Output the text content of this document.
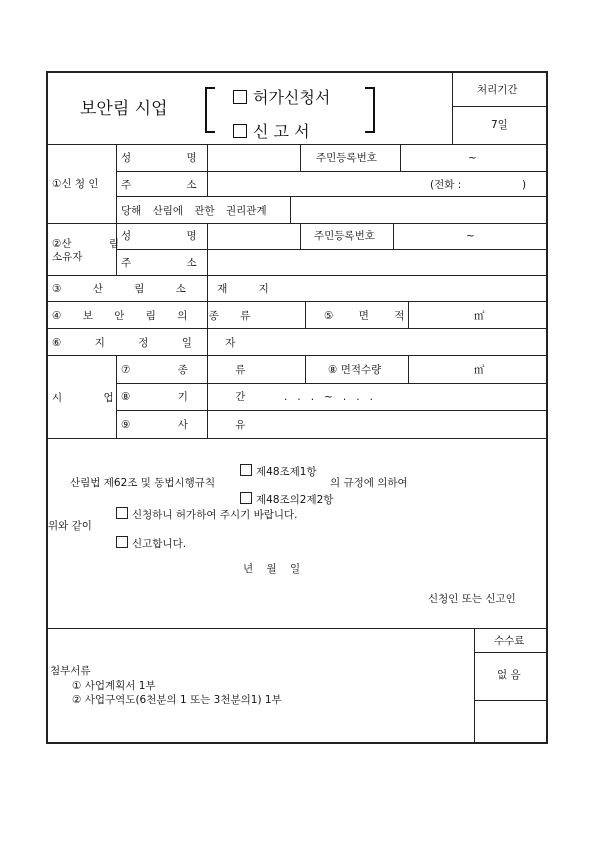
보안림 시업
허가신청서
신 고 서
처리기간
7일
①신 청 인
성 명	주민등록번호	~
주 소	(전화 :	)
당해 산림에 관한 권리관계
②산 림
소유자
성 명	주민등록번호	~
주 소
③ 산 림 소 재 지
④ 보 안 림 의 종 류	⑤ 면 적	㎡
⑥ 지 정 일 자
시 업
⑦ 종 류	⑧ 면적수량	㎡
⑧ 기 간	.   .   .   ~   .   .   .
⑨ 사 유
제48조제1항
산림법 제62조 및 동법시행규칙	의 규정에 의하여
제48조의2제2항
위와 같이
신청하니 허가하여 주시기 바랍니다.
신고합니다.
년    월    일
신청인 또는 신고인
첨부서류
① 사업계획서 1부
② 사업구역도(6천분의 1 또는 3천분의1) 1부
수수료
없 음
